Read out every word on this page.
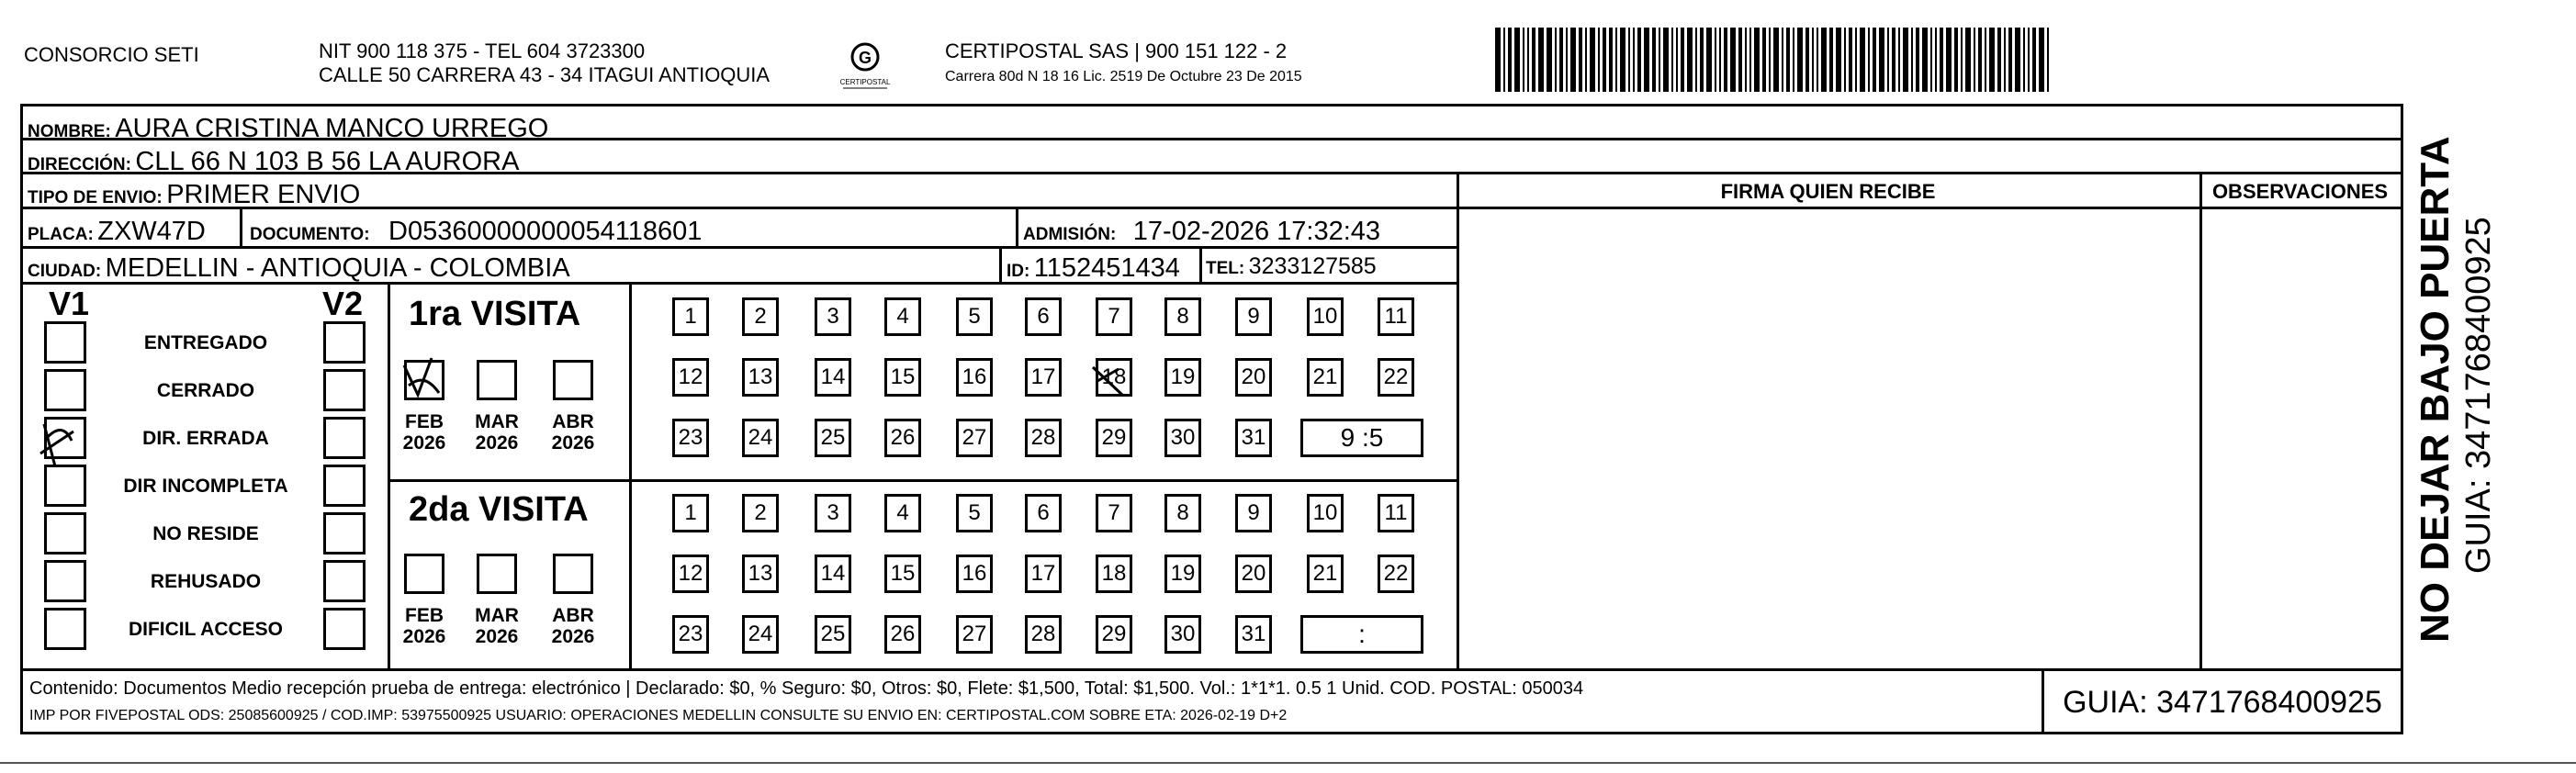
CONSORCIO SETI	NIT 900 118 375 - TEL 604 3723300
CALLE 50 CARRERA 43 - 34 ITAGUI ANTIOQUIA
G
CERTIPOSTAL
CERTIPOSTAL SAS | 900 151 122 - 2
Carrera 80d N 18 16 Lic. 2519 De Octubre 23 De 2015
NOMBRE: AURA CRISTINA MANCO URREGO
DIRECCIÓN: CLL 66 N 103 B 56 LA AURORA
TIPO DE ENVIO: PRIMER ENVIO
PLACA: ZXW47D	DOCUMENTO: D05360000000054118601	ADMISIÓN: 17-02-2026 17:32:43
CIUDAD: MEDELLIN - ANTIOQUIA - COLOMBIA	ID: 1152451434 TEL: 3233127585
FIRMA QUIEN RECIBE	OBSERVACIONES
V1	V2
ENTREGADO
CERRADO
DIR. ERRADA
DIR INCOMPLETA
NO RESIDE
REHUSADO
DIFICIL ACCESO
1ra VISITA
2da VISITA
FEB
2026
MAR
2026
ABR
2026
FEB
2026
MAR
2026
ABR
2026
1	2	3	4	5	6	7	8	9	10	11
12 13 14 15 16 17 18 19 20 21 22
23 24 25 26 27 28 29 30 31	9 :5
1	2	3	4	5	6	7	8	9	10	11
12 13 14 15 16 17 18 19 20 21 22
23 24 25 26 27 28 29 30 31	:
Contenido: Documentos Medio recepción prueba de entrega: electrónico | Declarado: $0, % Seguro: $0, Otros: $0, Flete: $1,500, Total: $1,500. Vol.: 1*1*1. 0.5 1 Unid. COD. POSTAL: 050034
IMP POR FIVEPOSTAL ODS: 25085600925 / COD.IMP: 53975500925 USUARIO: OPERACIONES MEDELLIN CONSULTE SU ENVIO EN: CERTIPOSTAL.COM SOBRE ETA: 2026-02-19 D+2	GUIA: 3471768400925
NO DEJAR BAJO PUERTA GUIA: 3471768400925
